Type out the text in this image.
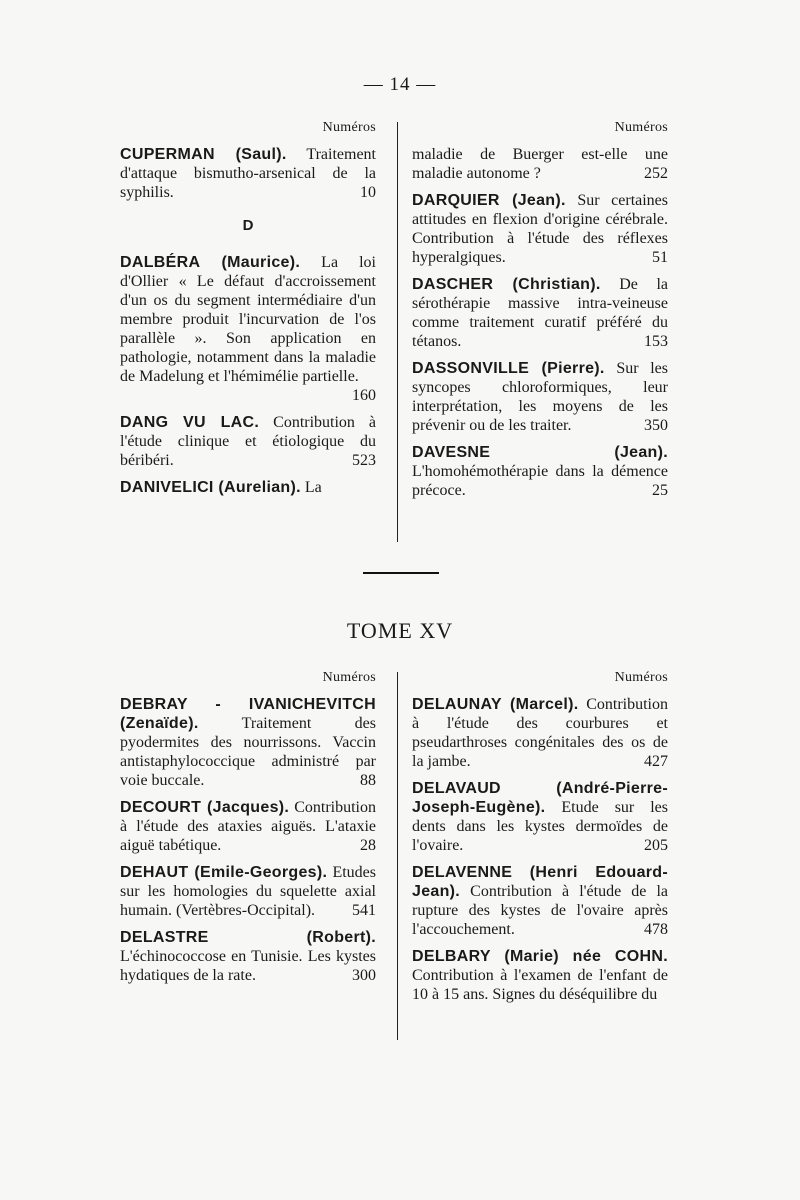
— 14 —
Numéros
CUPERMAN (Saul). Traitement d'attaque bismutho-arsenical de la syphilis.	10
D
DALBÉRA (Maurice). La loi d'Ollier « Le défaut d'accroissement d'un os du segment intermédiaire d'un membre produit l'incurvation de l'os parallèle ». Son application en pathologie, notamment dans la maladie de Madelung et l'hémimélie partielle.
160
DANG VU LAC. Contribution à l'étude clinique et étiologique du béribéri.	523
DANIVELICI (Aurelian). La
Numéros
maladie de Buerger est-elle une maladie autonome ?	252
DARQUIER (Jean). Sur certaines attitudes en flexion d'origine cérébrale. Contribution à l'étude des réflexes hyperalgiques.	51
DASCHER (Christian). De la sérothérapie massive intra-veineuse comme traitement curatif préféré du tétanos.	153
DASSONVILLE (Pierre). Sur les syncopes chloroformiques, leur interprétation, les moyens de les prévenir ou de les traiter.	350
DAVESNE (Jean). L'homohémothérapie dans la démence précoce.	25
TOME XV
Numéros
DEBRAY - IVANICHEVITCH (Zenaïde).	Traitement des pyodermites des nourrissons. Vaccin antistaphylococcique administré par voie buccale.	88
DECOURT (Jacques). Contribution à l'étude des ataxies aiguës. L'ataxie aiguë tabétique.	28
DEHAUT (Emile-Georges). Etudes sur les homologies du squelette axial humain. (Vertèbres-Occipital). 541
DELASTRE (Robert). L'échinococcose en Tunisie. Les kystes hydatiques de la rate.	300
Numéros
DELAUNAY (Marcel). Contribution à l'étude des courbures et pseudarthroses congénitales des os de la jambe.	427
DELAVAUD (André-Pierre-Joseph-Eugène). Etude sur les dents dans les kystes dermoïdes de l'ovaire.	205
DELAVENNE (Henri Edouard-Jean). Contribution à l'étude de la rupture des kystes de l'ovaire après l'accouchement.	478
DELBARY (Marie) née COHN. Contribution à l'examen de l'enfant de 10 à 15 ans. Signes du déséquilibre du
